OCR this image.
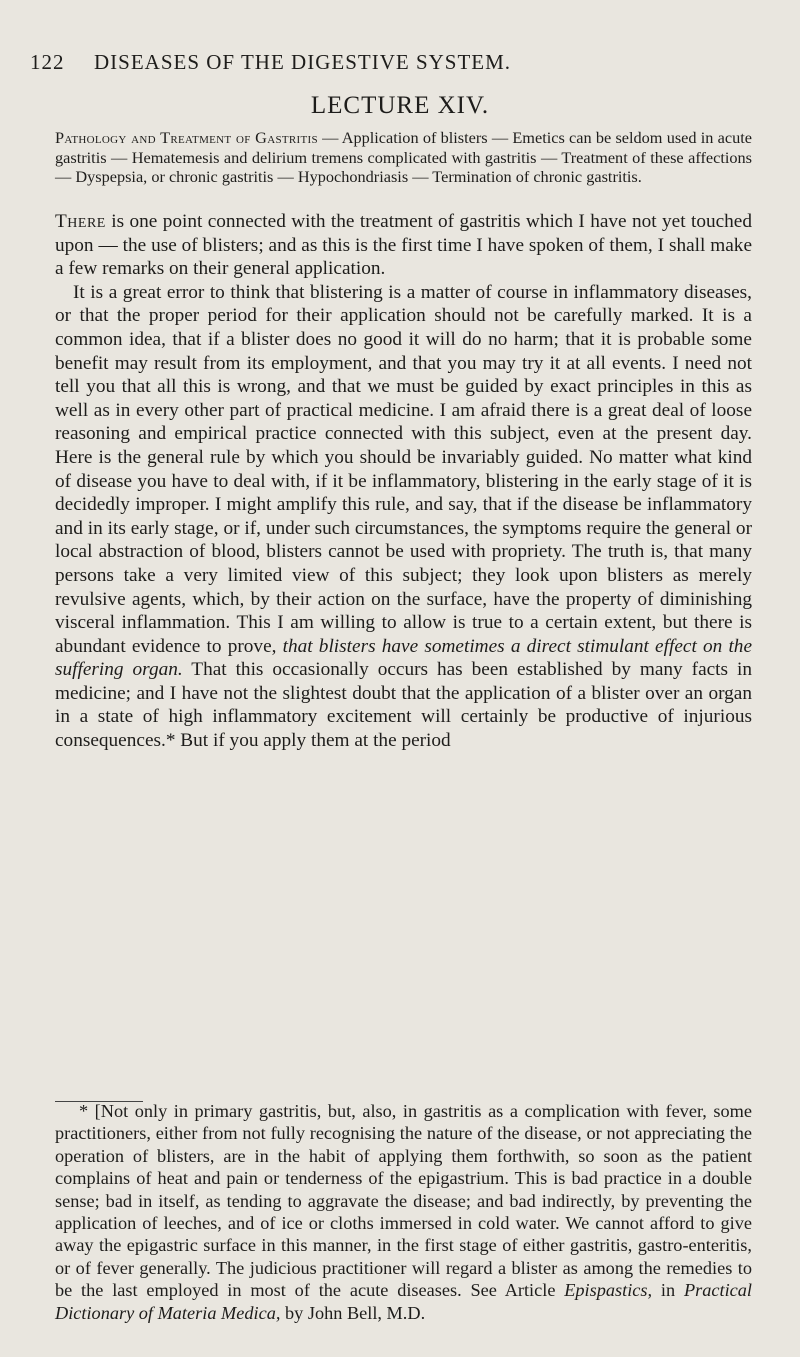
122 DISEASES OF THE DIGESTIVE SYSTEM.
LECTURE XIV.
Pathology and Treatment of Gastritis — Application of blisters — Emetics can be seldom used in acute gastritis — Hematemesis and delirium tremens complicated with gastritis — Treatment of these affections — Dyspepsia, or chronic gastritis — Hypochondriasis — Termination of chronic gastritis.

There is one point connected with the treatment of gastritis which I have not yet touched upon — the use of blisters; and as this is the first time I have spoken of them, I shall make a few remarks on their general application.

It is a great error to think that blistering is a matter of course in inflammatory diseases, or that the proper period for their application should not be carefully marked. It is a common idea, that if a blister does no good it will do no harm; that it is probable some benefit may result from its employment, and that you may try it at all events. I need not tell you that all this is wrong, and that we must be guided by exact principles in this as well as in every other part of practical medicine. I am afraid there is a great deal of loose reasoning and empirical practice connected with this subject, even at the present day. Here is the general rule by which you should be invariably guided. No matter what kind of disease you have to deal with, if it be inflammatory, blistering in the early stage of it is decidedly improper. I might amplify this rule, and say, that if the disease be inflammatory and in its early stage, or if, under such circumstances, the symptoms require the general or local abstraction of blood, blisters cannot be used with propriety. The truth is, that many persons take a very limited view of this subject; they look upon blisters as merely revulsive agents, which, by their action on the surface, have the property of diminishing visceral inflammation. This I am willing to allow is true to a certain extent, but there is abundant evidence to prove, that blisters have sometimes a direct stimulant effect on the suffering organ. That this occasionally occurs has been established by many facts in medicine; and I have not the slightest doubt that the application of a blister over an organ in a state of high inflammatory excitement will certainly be productive of injurious consequences.* But if you apply them at the period

* [Not only in primary gastritis, but, also, in gastritis as a complication with fever, some practitioners, either from not fully recognising the nature of the disease, or not appreciating the operation of blisters, are in the habit of applying them forthwith, so soon as the patient complains of heat and pain or tenderness of the epigastrium. This is bad practice in a double sense; bad in itself, as tending to aggravate the disease; and bad indirectly, by preventing the application of leeches, and of ice or cloths immersed in cold water. We cannot afford to give away the epigastric surface in this manner, in the first stage of either gastritis, gastro-enteritis, or of fever generally. The judicious practitioner will regard a blister as among the remedies to be the last employed in most of the acute diseases. See Article Epispastics, in Practical Dictionary of Materia Medica, by John Bell, M.D.
